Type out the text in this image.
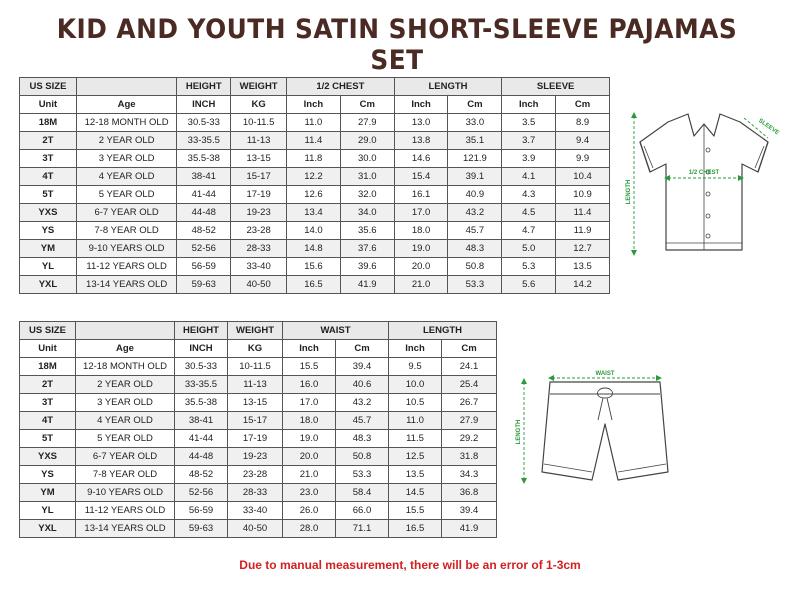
KID AND YOUTH SATIN SHORT-SLEEVE PAJAMAS SET
US SIZE		HEIGHT	WEIGHT	1/2 CHEST		LENGTH		SLEEVE	
Unit	Age	INCH	KG	Inch	Cm	Inch	Cm	Inch	Cm
18M	12-18 MONTH OLD	30.5-33	10-11.5	11.0	27.9	13.0	33.0	3.5	8.9
2T	2 YEAR OLD	33-35.5	11-13	11.4	29.0	13.8	35.1	3.7	9.4
3T	3 YEAR OLD	35.5-38	13-15	11.8	30.0	14.6	121.9	3.9	9.9
4T	4 YEAR OLD	38-41	15-17	12.2	31.0	15.4	39.1	4.1	10.4
5T	5 YEAR OLD	41-44	17-19	12.6	32.0	16.1	40.9	4.3	10.9
YXS	6-7 YEAR OLD	44-48	19-23	13.4	34.0	17.0	43.2	4.5	11.4
YS	7-8 YEAR OLD	48-52	23-28	14.0	35.6	18.0	45.7	4.7	11.9
YM	9-10 YEARS OLD	52-56	28-33	14.8	37.6	19.0	48.3	5.0	12.7
YL	11-12 YEARS OLD	56-59	33-40	15.6	39.6	20.0	50.8	5.3	13.5
YXL	13-14 YEARS OLD	59-63	40-50	16.5	41.9	21.0	53.3	5.6	14.2
US SIZE		HEIGHT	WEIGHT	WAIST		LENGTH	
Unit	Age	INCH	KG	Inch	Cm	Inch	Cm
18M	12-18 MONTH OLD	30.5-33	10-11.5	15.5	39.4	9.5	24.1
2T	2 YEAR OLD	33-35.5	11-13	16.0	40.6	10.0	25.4
3T	3 YEAR OLD	35.5-38	13-15	17.0	43.2	10.5	26.7
4T	4 YEAR OLD	38-41	15-17	18.0	45.7	11.0	27.9
5T	5 YEAR OLD	41-44	17-19	19.0	48.3	11.5	29.2
YXS	6-7 YEAR OLD	44-48	19-23	20.0	50.8	12.5	31.8
YS	7-8 YEAR OLD	48-52	23-28	21.0	53.3	13.5	34.3
YM	9-10 YEARS OLD	52-56	28-33	23.0	58.4	14.5	36.8
YL	11-12 YEARS OLD	56-59	33-40	26.0	66.0	15.5	39.4
YXL	13-14 YEARS OLD	59-63	40-50	28.0	71.1	16.5	41.9
LENGTH
1/2 CHEST
SLEEVE
WAIST
LENGTH
Due to manual measurement, there will be an error of 1-3cm
